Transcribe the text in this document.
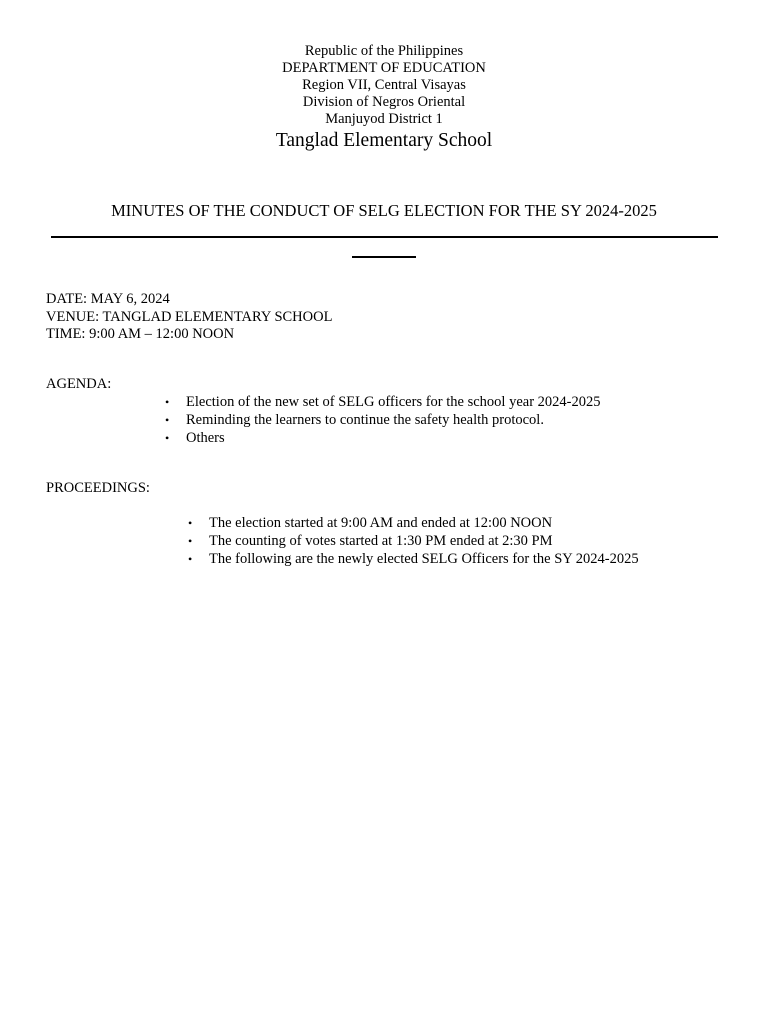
Republic of the Philippines
DEPARTMENT OF EDUCATION
Region VII, Central Visayas
Division of Negros Oriental
Manjuyod District 1
Tanglad Elementary School
MINUTES OF THE CONDUCT OF SELG ELECTION FOR THE SY 2024-2025
DATE: MAY 6, 2024
VENUE: TANGLAD ELEMENTARY SCHOOL
TIME: 9:00 AM – 12:00 NOON
AGENDA:
• Election of the new set of SELG officers for the school year 2024-2025
• Reminding the learners to continue the safety health protocol.
• Others
PROCEEDINGS:
• The election started at 9:00 AM and ended at 12:00 NOON
• The counting of votes started at 1:30 PM ended at 2:30 PM
• The following are the newly elected SELG Officers for the SY 2024-2025
